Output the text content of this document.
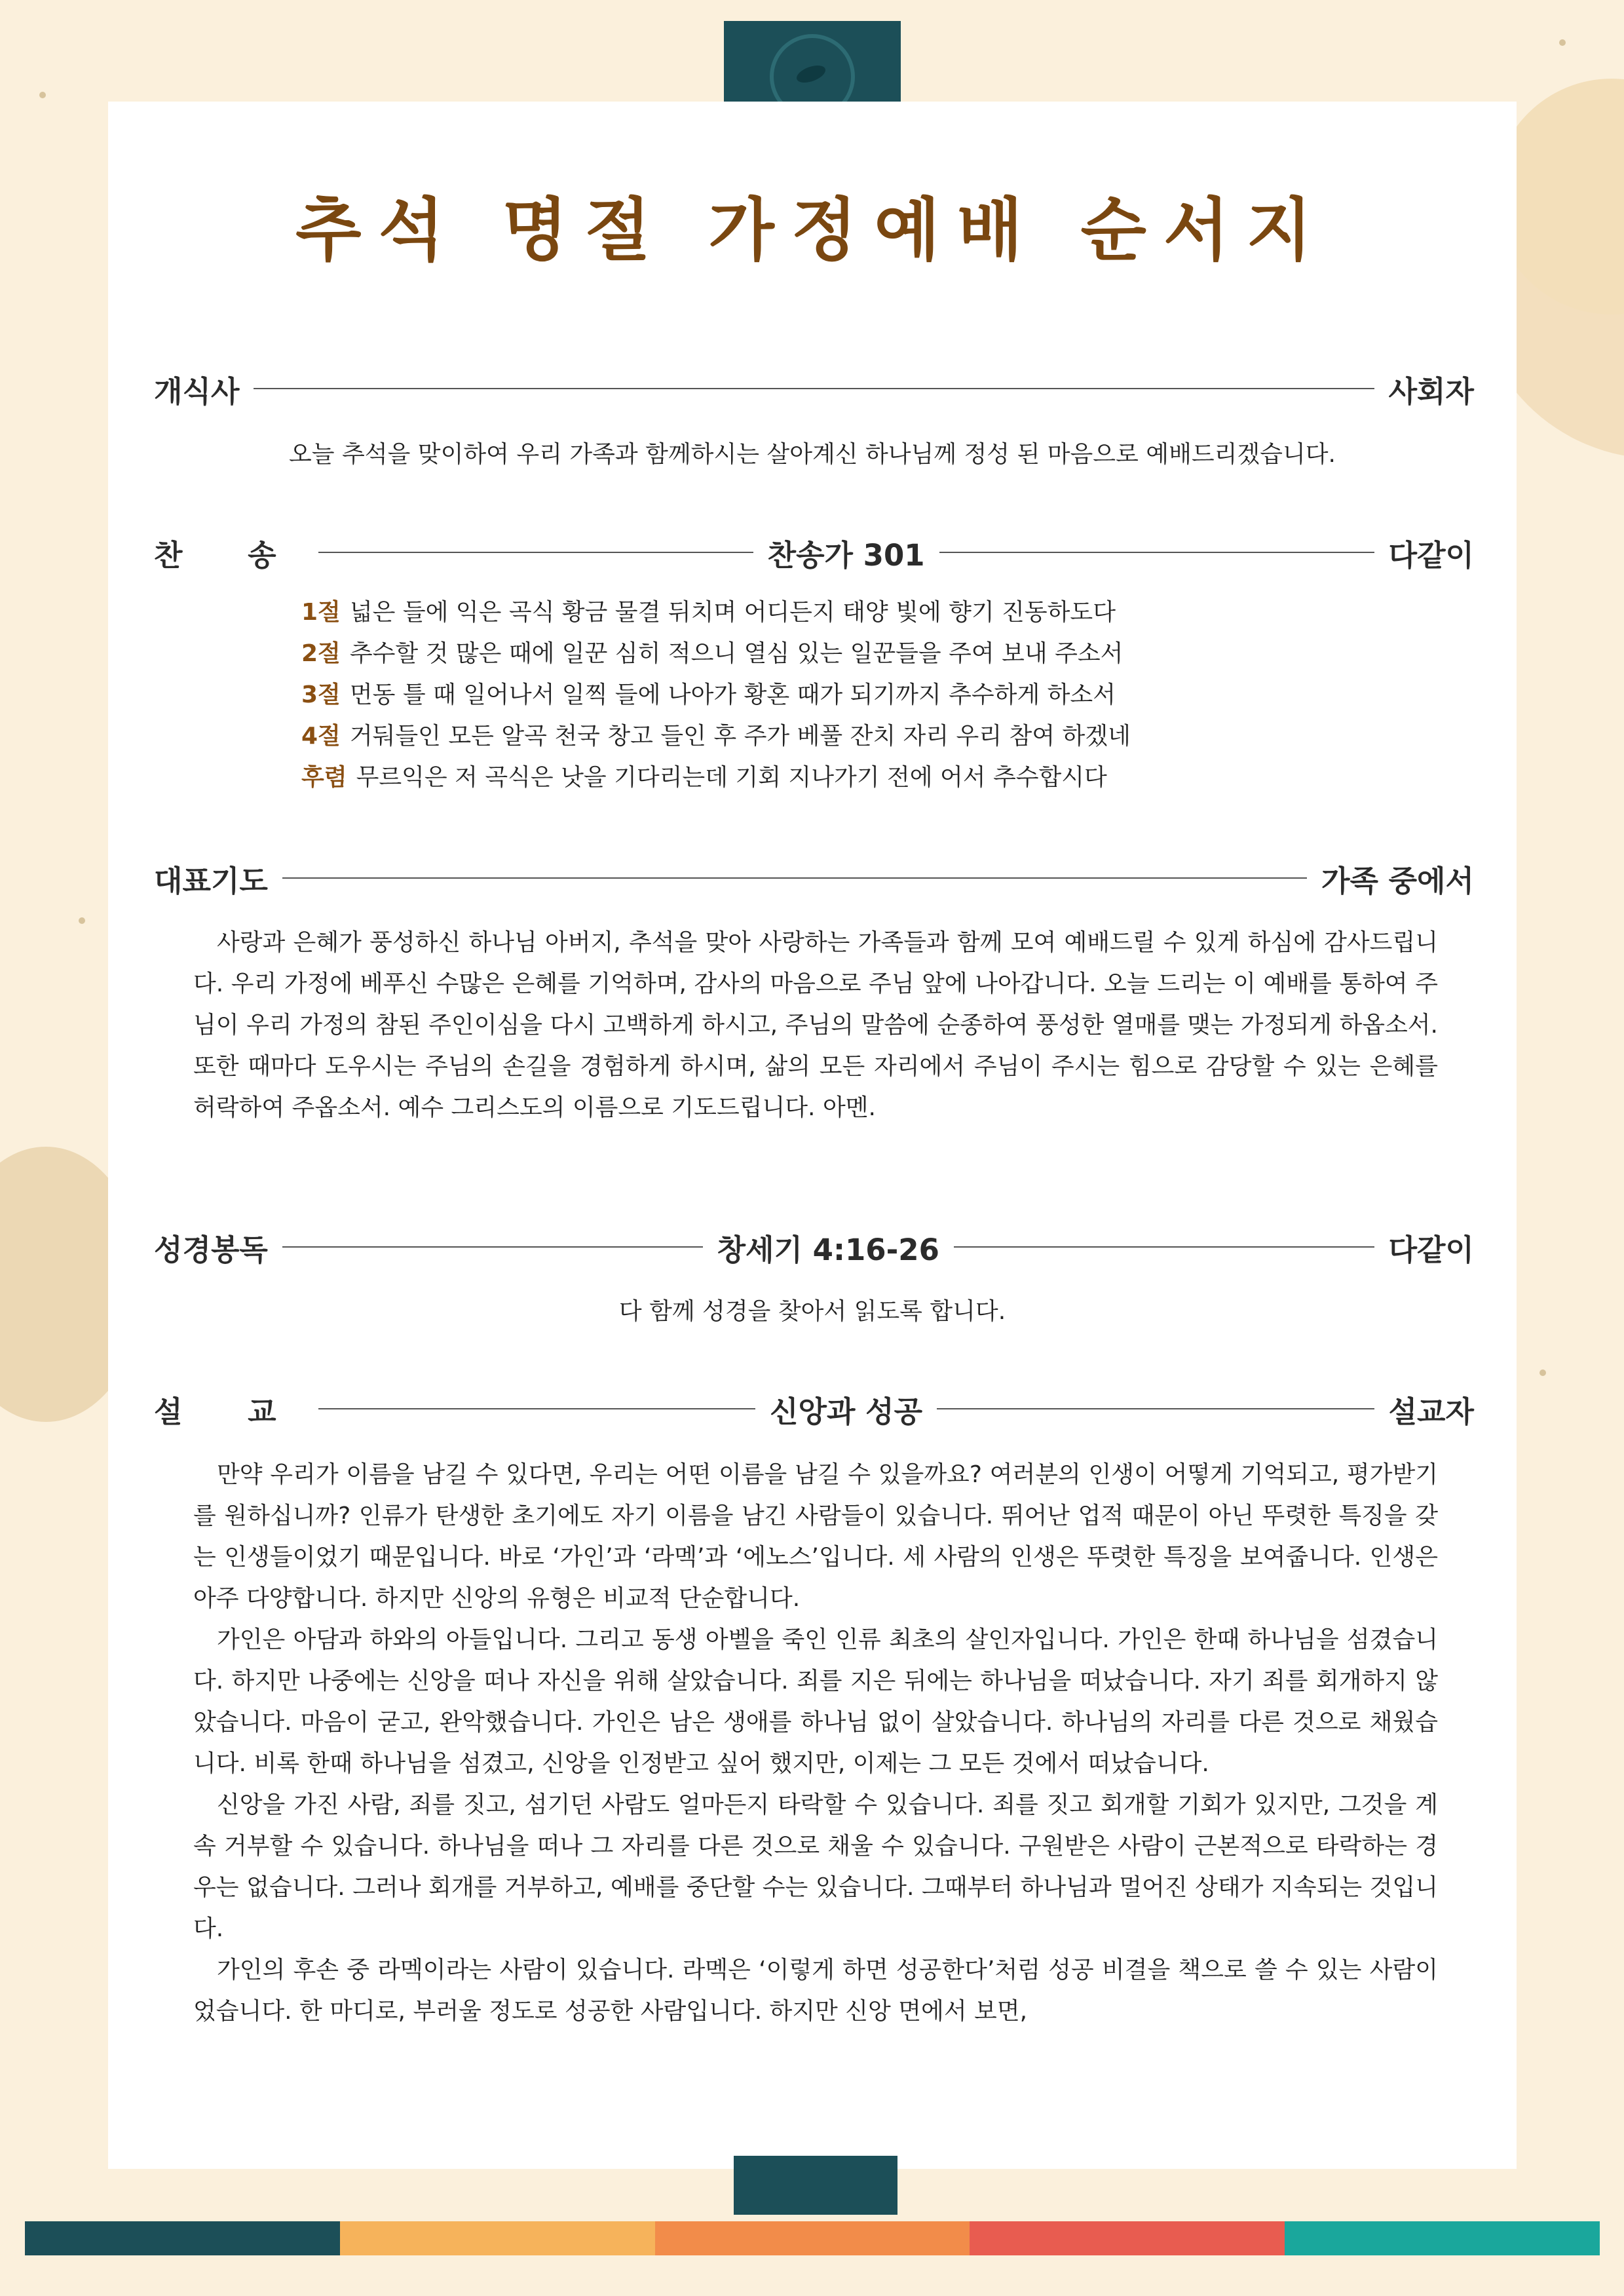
추석 명절 가정예배 순서지
개식사	사회자
오늘 추석을 맞이하여 우리 가족과 함께하시는 살아계신 하나님께 정성 된 마음으로 예배드리겠습니다.
찬 송	찬송가 301	다같이
1절 넓은 들에 익은 곡식 황금 물결 뒤치며 어디든지 태양 빛에 향기 진동하도다
2절 추수할 것 많은 때에 일꾼 심히 적으니 열심 있는 일꾼들을 주여 보내 주소서
3절 먼동 틀 때 일어나서 일찍 들에 나아가 황혼 때가 되기까지 추수하게 하소서
4절 거둬들인 모든 알곡 천국 창고 들인 후 주가 베풀 잔치 자리 우리 참여 하겠네
후렴 무르익은 저 곡식은 낫을 기다리는데 기회 지나가기 전에 어서 추수합시다
대표기도	가족 중에서

사랑과 은혜가 풍성하신 하나님 아버지, 추석을 맞아 사랑하는 가족들과 함께 모여 예배드릴 수 있게 하심에 감사드립니다. 우리 가정에 베푸신 수많은 은혜를 기억하며, 감사의 마음으로 주님 앞에 나아갑니다. 오늘 드리는 이 예배를 통하여 주님이 우리 가정의 참된 주인이심을 다시 고백하게 하시고, 주님의 말씀에 순종하여 풍성한 열매를 맺는 가정되게 하옵소서. 또한 때마다 도우시는 주님의 손길을 경험하게 하시며, 삶의 모든 자리에서 주님이 주시는 힘으로 감당할 수 있는 은혜를 허락하여 주옵소서. 예수 그리스도의 이름으로 기도드립니다. 아멘.

성경봉독	창세기 4:16-26	다같이
다 함께 성경을 찾아서 읽도록 합니다.
설 교	신앙과 성공	설교자

만약 우리가 이름을 남길 수 있다면, 우리는 어떤 이름을 남길 수 있을까요? 여러분의 인생이 어떻게 기억되고, 평가받기를 원하십니까? 인류가 탄생한 초기에도 자기 이름을 남긴 사람들이 있습니다. 뛰어난 업적 때문이 아닌 뚜렷한 특징을 갖는 인생들이었기 때문입니다. 바로 ‘가인’과 ‘라멕’과 ‘에노스’입니다. 세 사람의 인생은 뚜렷한 특징을 보여줍니다. 인생은 아주 다양합니다. 하지만 신앙의 유형은 비교적 단순합니다.

가인은 아담과 하와의 아들입니다. 그리고 동생 아벨을 죽인 인류 최초의 살인자입니다. 가인은 한때 하나님을 섬겼습니다. 하지만 나중에는 신앙을 떠나 자신을 위해 살았습니다. 죄를 지은 뒤에는 하나님을 떠났습니다. 자기 죄를 회개하지 않았습니다. 마음이 굳고, 완악했습니다. 가인은 남은 생애를 하나님 없이 살았습니다. 하나님의 자리를 다른 것으로 채웠습니다. 비록 한때 하나님을 섬겼고, 신앙을 인정받고 싶어 했지만, 이제는 그 모든 것에서 떠났습니다.

신앙을 가진 사람, 죄를 짓고, 섬기던 사람도 얼마든지 타락할 수 있습니다. 죄를 짓고 회개할 기회가 있지만, 그것을 계속 거부할 수 있습니다. 하나님을 떠나 그 자리를 다른 것으로 채울 수 있습니다. 구원받은 사람이 근본적으로 타락하는 경우는 없습니다. 그러나 회개를 거부하고, 예배를 중단할 수는 있습니다. 그때부터 하나님과 멀어진 상태가 지속되는 것입니다.

가인의 후손 중 라멕이라는 사람이 있습니다. 라멕은 ‘이렇게 하면 성공한다’처럼 성공 비결을 책으로 쓸 수 있는 사람이었습니다. 한 마디로, 부러울 정도로 성공한 사람입니다. 하지만 신앙 면에서 보면,
